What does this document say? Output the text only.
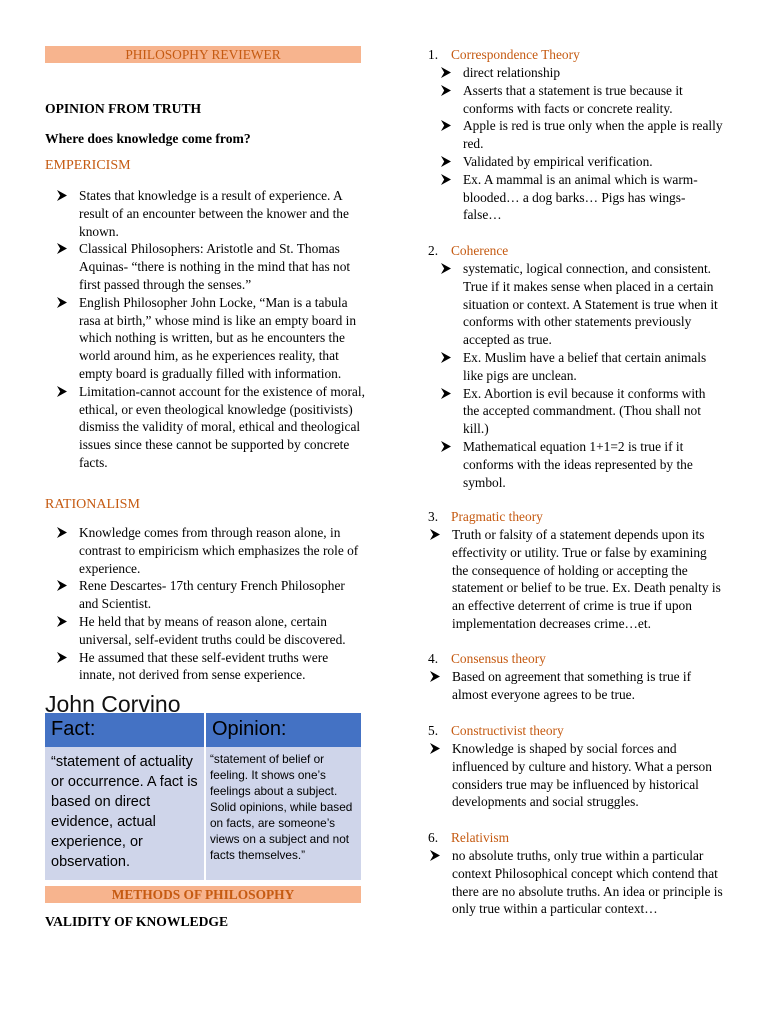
PHILOSOPHY REVIEWER
OPINION FROM TRUTH
Where does knowledge come from?
EMPERICISM
States that knowledge is a result of experience. A result of an encounter between the knower and the known.
Classical Philosophers: Aristotle and St. Thomas Aquinas- “there is nothing in the mind that has not first passed through the senses.”
English Philosopher John Locke, “Man is a tabula rasa at birth,” whose mind is like an empty board in which nothing is written, but as he encounters the world around him, as he experiences reality, that empty board is gradually filled with information.
Limitation-cannot account for the existence of moral, ethical, or even theological knowledge (positivists) dismiss the validity of moral, ethical and theological issues since these cannot be supported by concrete facts.
RATIONALISM
Knowledge comes from through reason alone, in contrast to empiricism which emphasizes the role of experience.
Rene Descartes- 17th century French Philosopher and Scientist.
He held that by means of reason alone, certain universal, self-evident truths could be discovered.
He assumed that these self-evident truths were innate, not derived from sense experience.
John Corvino
Fact:	Opinion:
“statement of actuality or occurrence. A fact is based on direct evidence, actual experience, or observation.	“statement of belief or feeling. It shows one’s feelings about a subject. Solid opinions, while based on facts, are someone’s views on a subject and not facts themselves.”
METHODS OF PHILOSOPHY
VALIDITY OF KNOWLEDGE
1. Correspondence Theory
direct relationship
Asserts that a statement is true because it conforms with facts or concrete reality.
Apple is red is true only when the apple is really red.
Validated by empirical verification.
Ex. A mammal is an animal which is warm-blooded… a dog barks… Pigs has wings- false…
2. Coherence
systematic, logical connection, and consistent. True if it makes sense when placed in a certain situation or context. A Statement is true when it conforms with other statements previously accepted as true.
Ex. Muslim have a belief that certain animals like pigs are unclean.
Ex. Abortion is evil because it conforms with the accepted commandment. (Thou shall not kill.)
Mathematical equation 1+1=2 is true if it conforms with the ideas represented by the symbol.
3. Pragmatic theory
Truth or falsity of a statement depends upon its effectivity or utility. True or false by examining the consequence of holding or accepting the statement or belief to be true. Ex. Death penalty is an effective deterrent of crime is true if upon implementation decreases crime…et.
4. Consensus theory
Based on agreement that something is true if almost everyone agrees to be true.
5. Constructivist theory
Knowledge is shaped by social forces and influenced by culture and history. What a person considers true may be influenced by historical developments and social struggles.
6. Relativism
no absolute truths, only true within a particular context Philosophical concept which contend that there are no absolute truths. An idea or principle is only true within a particular context…
